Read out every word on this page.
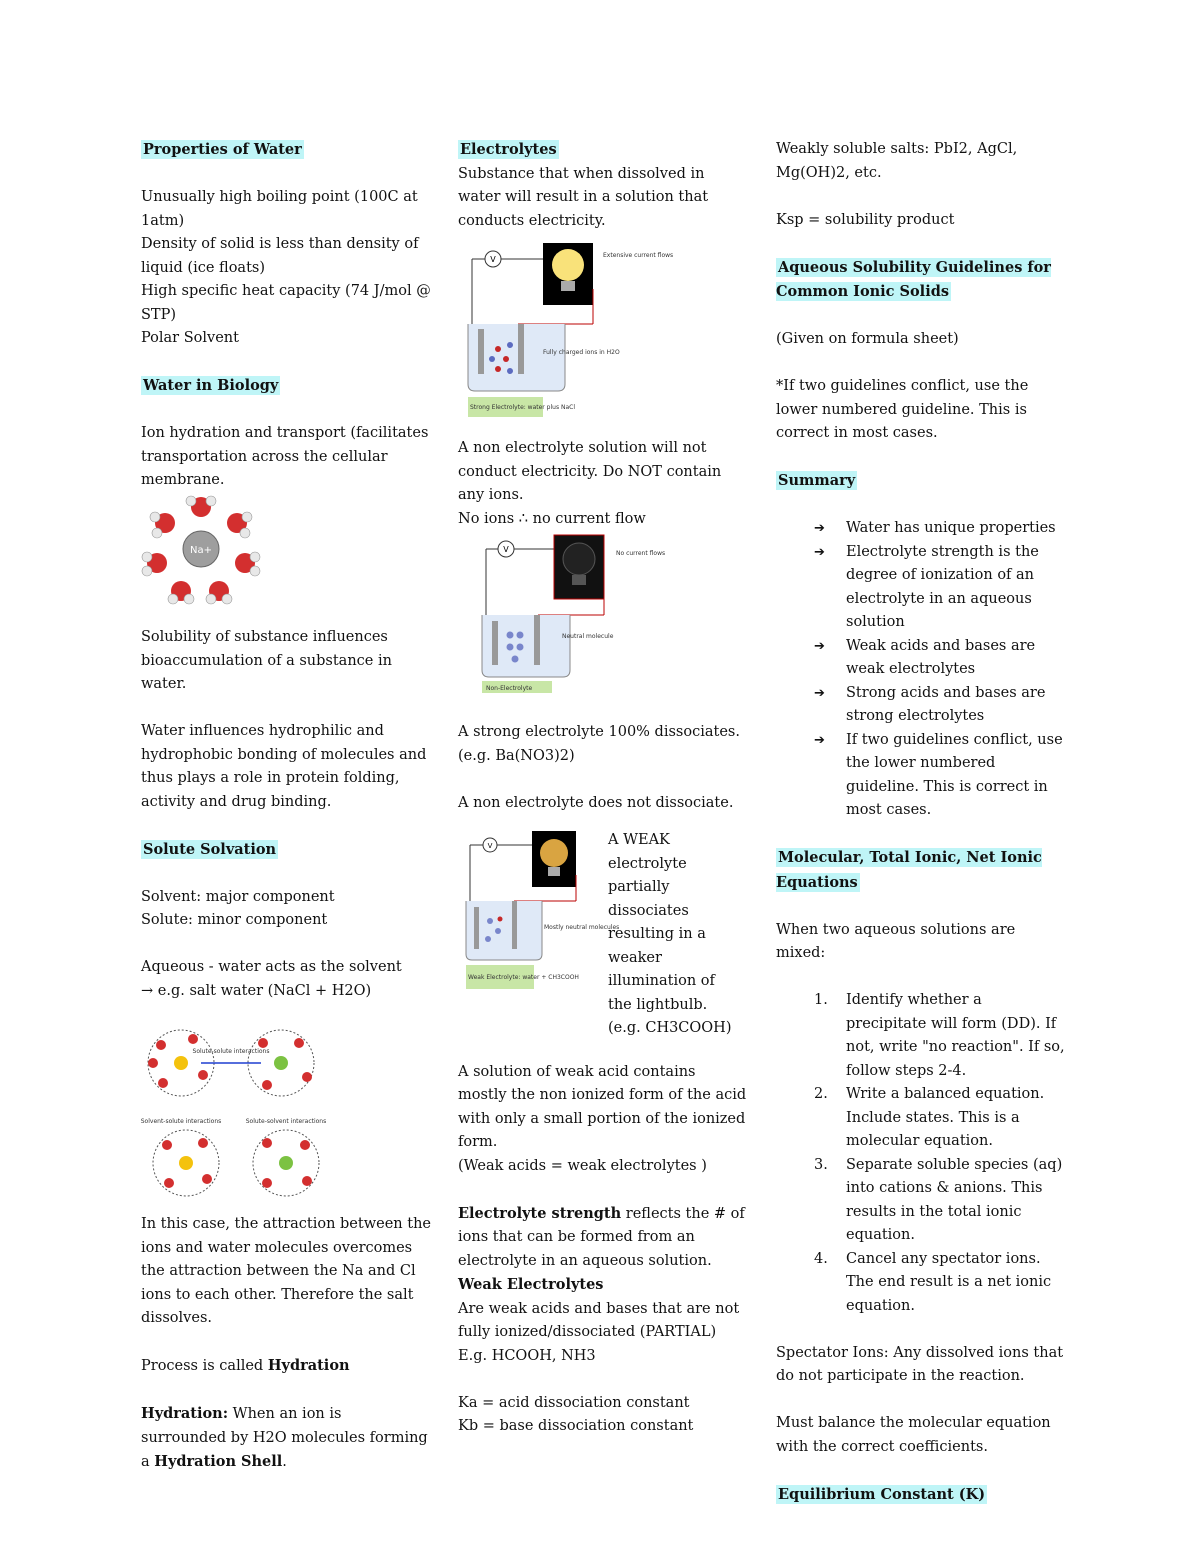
Properties of Water

Unusually high boiling point (100C at 1atm)

Density of solid is less than density of liquid (ice floats)

High specific heat capacity (74 J/mol @ STP)

Polar Solvent

Water in Biology

Ion hydration and transport (facilitates transportation across the cellular membrane.

Na+

Solubility of substance influences bioaccumulation of a substance in water.

Water influences hydrophilic and hydrophobic bonding of molecules and thus plays a role in protein folding, activity and drug binding.

Solute Solvation

Solvent: major component

Solute: minor component

Aqueous - water acts as the solvent

→ e.g. salt water (NaCl + H2O)

Solute-solute interactions
Solvent-solute interactions	Solute-solvent interactions

In this case, the attraction between the ions and water molecules overcomes the attraction between the Na and Cl ions to each other. Therefore the salt dissolves.

Process is called Hydration

Hydration: When an ion is surrounded by H2O molecules forming a Hydration Shell.

Electrolytes

Substance that when dissolved in water will result in a solution that conducts electricity.

V	Extensive current flows
Fully charged ions in H2O
Strong Electrolyte: water plus NaCl

A non electrolyte solution will not conduct electricity. Do NOT contain any ions.

No ions ∴ no current flow

V	No current flows
Neutral molecule
Non-Electrolyte

A strong electrolyte 100% dissociates. (e.g. Ba(NO3)2)

A non electrolyte does not dissociate.

V
Mostly neutral molecules
Weak Electrolyte: water + CH3COOH

A WEAK electrolyte partially dissociates resulting in a weaker illumination of the lightbulb. (e.g. CH3COOH)

A solution of weak acid contains mostly the non ionized form of the acid with only a small portion of the ionized form.

(Weak acids = weak electrolytes )

Electrolyte strength reflects the # of ions that can be formed from an electrolyte in an aqueous solution.

Weak Electrolytes

Are weak acids and bases that are not fully ionized/dissociated (PARTIAL)

E.g. HCOOH, NH3

Ka = acid dissociation constant

Kb = base dissociation constant

Weakly soluble salts: PbI2, AgCl, Mg(OH)2, etc.

Ksp = solubility product

Aqueous Solubility Guidelines for Common Ionic Solids

(Given on formula sheet)

*If two guidelines conflict, use the lower numbered guideline. This is correct in most cases.

Summary

➔ Water has unique properties
➔ Electrolyte strength is the degree of ionization of an electrolyte in an aqueous solution
➔ Weak acids and bases are weak electrolytes
➔ Strong acids and bases are strong electrolytes
➔ If two guidelines conflict, use the lower numbered guideline. This is correct in most cases.

Molecular, Total Ionic, Net Ionic Equations

When two aqueous solutions are mixed:

1. Identify whether a precipitate will form (DD). If not, write "no reaction". If so, follow steps 2-4.
2. Write a balanced equation. Include states. This is a molecular equation.
3. Separate soluble species (aq) into cations & anions. This results in the total ionic equation.
4. Cancel any spectator ions. The end result is a net ionic equation.

Spectator Ions: Any dissolved ions that do not participate in the reaction.

Must balance the molecular equation with the correct coefficients.

Equilibrium Constant (K)
